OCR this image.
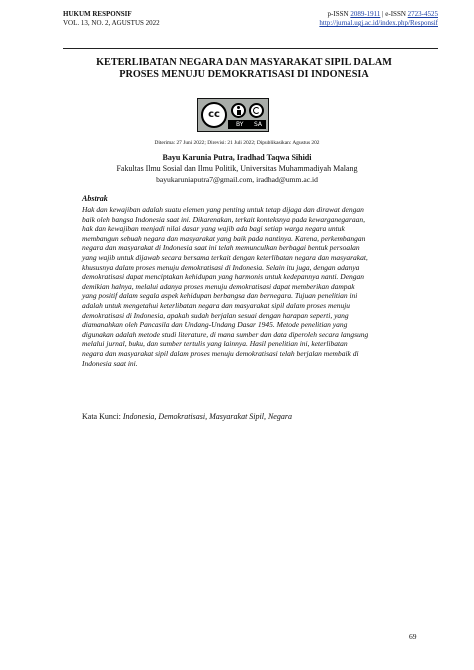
HUKUM RESPONSIF
VOL. 13, NO. 2, AGUSTUS 2022
p-ISSN 2089-1911 | e-ISSN 2723-4525
http://jurnal.ugj.ac.id/index.php/Responsif
KETERLIBATAN NEGARA DAN MASYARAKAT SIPIL DALAM
PROSES MENUJU DEMOKRATISASI DI INDONESIA
cc
BY SA
Diterima: 27 Juni 2022; Direvisi: 21 Juli 2022; Dipublikasikan: Agustus 202
Bayu Karunia Putra, Iradhad Taqwa Sihidi
Fakultas Ilmu Sosial dan Ilmu Politik, Universitas Muhammadiyah Malang
bayukaruniaputra7@gmail.com, iradhad@umm.ac.id
Abstrak
Hak dan kewajiban adalah suatu elemen yang penting untuk tetap dijaga dan dirawat dengan
baik oleh bangsa Indonesia saat ini. Dikarenakan, terkait konteksnya pada kewarganegaraan,
hak dan kewajiban menjadi nilai dasar yang wajib ada bagi setiap warga negara untuk
membangun sebuah negara dan masyarakat yang baik pada nantinya. Karena, perkembangan
negara dan masyarakat di Indonesia saat ini telah memunculkan berbagai bentuk persoalan
yang wajib untuk dijawab secara bersama terkait dengan keterlibatan negara dan masyarakat,
khususnya dalam proses menuju demokratisasi di Indonesia. Selain itu juga, dengan adanya
demokratisasi dapat menciptakan kehidupan yang harmonis untuk kedepannya nanti. Dengan
demikian halnya, melalui adanya proses menuju demokratisasi dapat memberikan dampak
yang positif dalam segala aspek kehidupan berbangsa dan bernegara. Tujuan penelitian ini
adalah untuk mengetahui keterlibatan negara dan masyarakat sipil dalam proses menuju
demokratisasi di Indonesia, apakah sudah berjalan sesuai dengan harapan seperti, yang
diamanahkan oleh Pancasila dan Undang-Undang Dasar 1945. Metode penelitian yang
digunakan adalah metode studi literature, di mana sumber dan data diperoleh secara langsung
melalui jurnal, buku, dan sumber tertulis yang lainnya. Hasil penelitian ini, keterlibatan
negara dan masyarakat sipil dalam proses menuju demokratisasi telah berjalan membaik di
Indonesia saat ini.
Kata Kunci: Indonesia, Demokratisasi, Masyarakat Sipil, Negara
69
